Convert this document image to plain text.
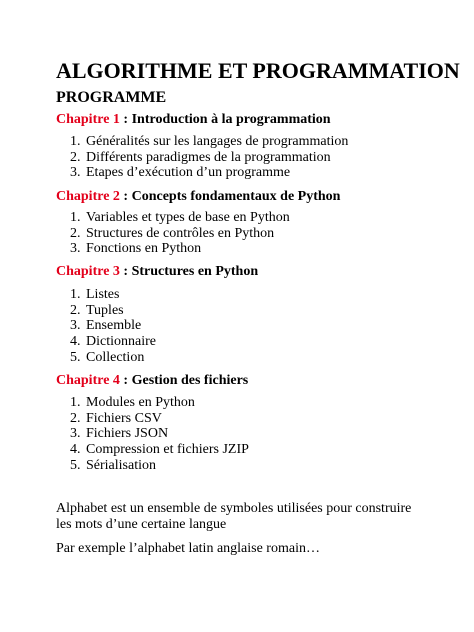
ALGORITHME ET PROGRAMMATION
PROGRAMME
Chapitre 1 : Introduction à la programmation
1. Généralités sur les langages de programmation
2. Différents paradigmes de la programmation
3. Etapes d’exécution d’un programme
Chapitre 2 : Concepts fondamentaux de Python
1. Variables et types de base en Python
2. Structures de contrôles en Python
3. Fonctions en Python
Chapitre 3 : Structures en Python
1. Listes
2. Tuples
3. Ensemble
4. Dictionnaire
5. Collection
Chapitre 4 : Gestion des fichiers
1. Modules en Python
2. Fichiers CSV
3. Fichiers JSON
4. Compression et fichiers JZIP
5. Sérialisation

Alphabet est un ensemble de symboles utilisées pour construire les mots d’une certaine langue

Par exemple l’alphabet latin anglaise romain…
